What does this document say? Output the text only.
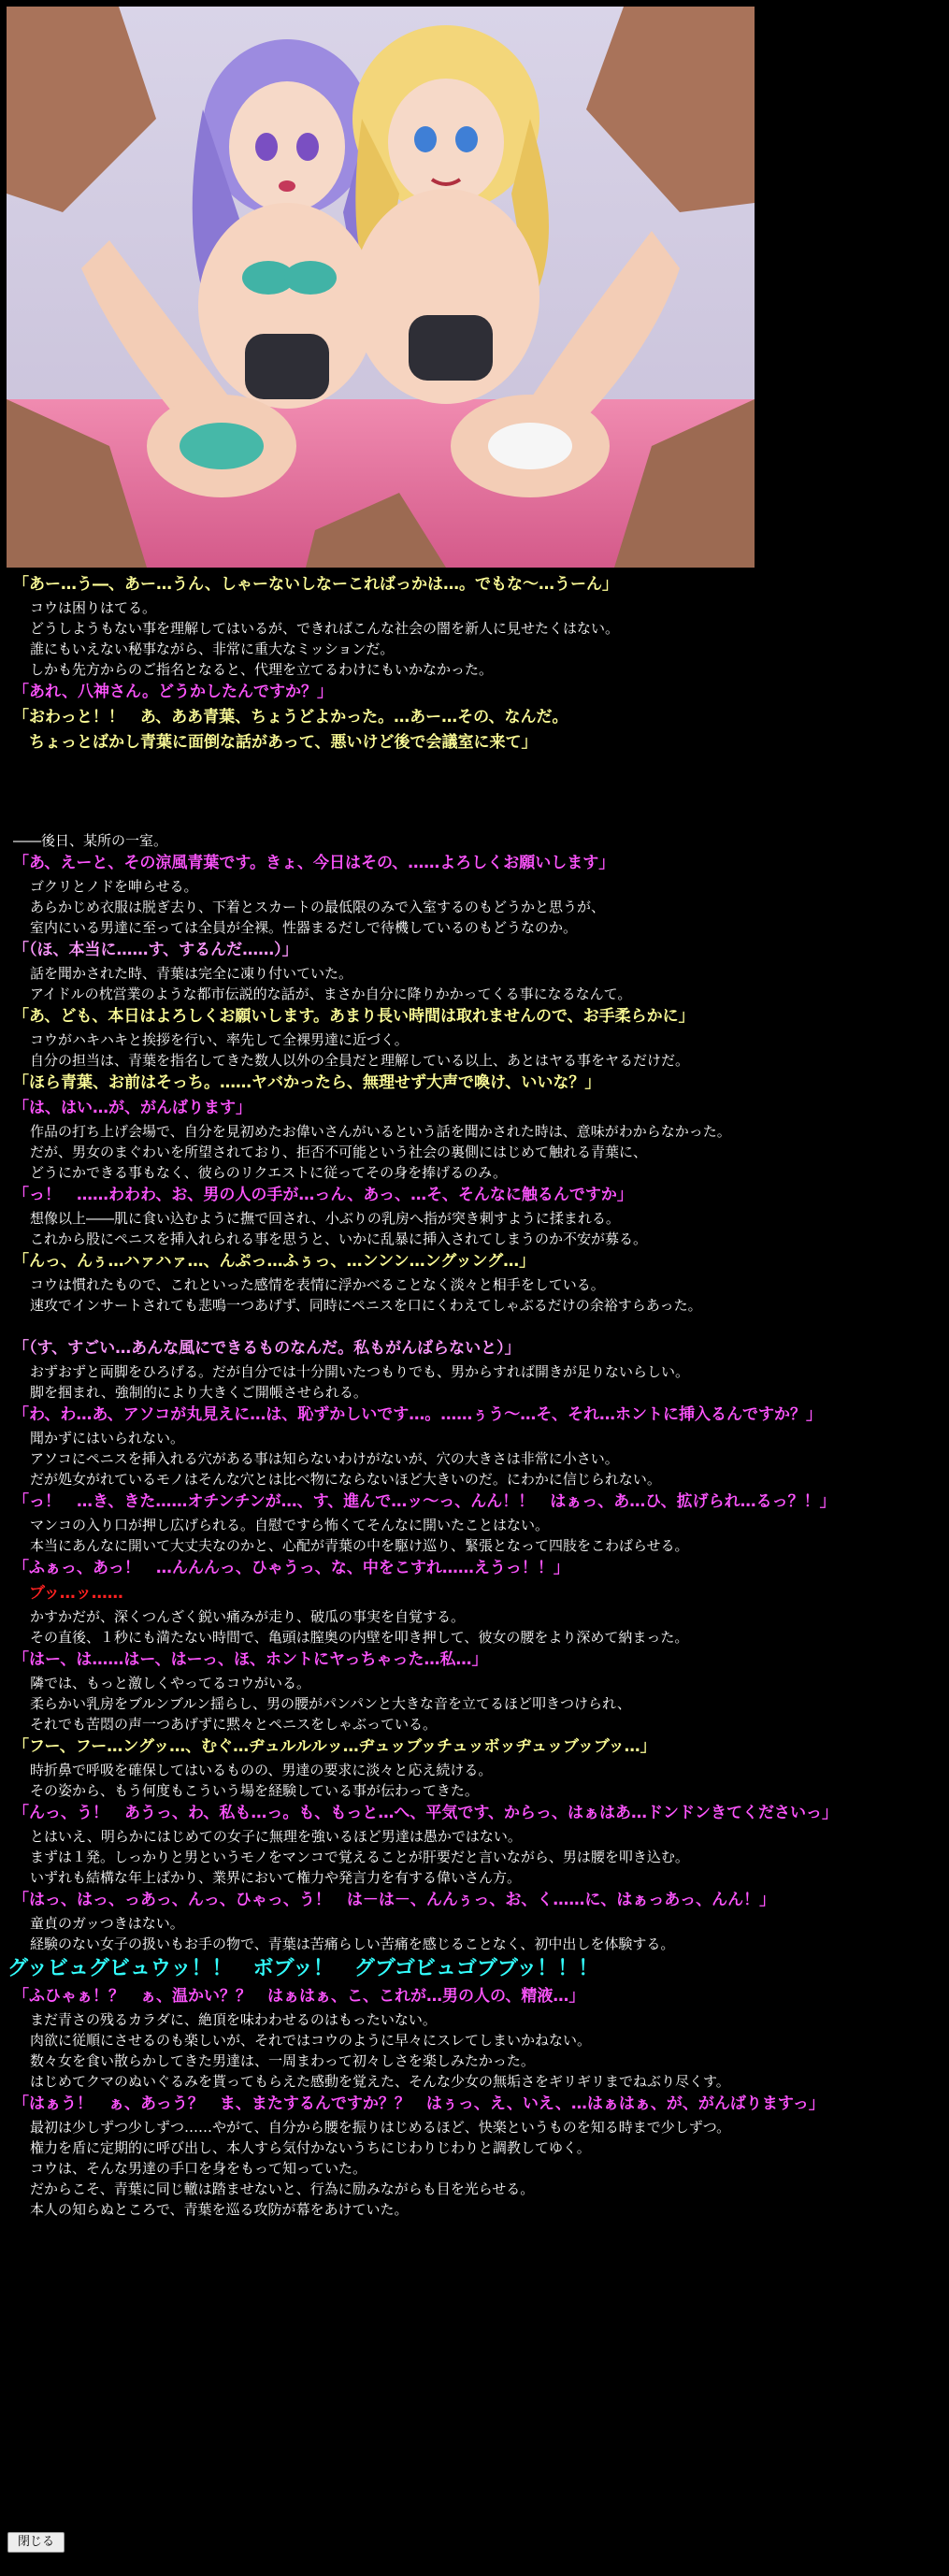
「あー…う―、あー…うん、しゃーないしなーこればっかは…。でもな〜…うーん」
コウは困りはてる。
どうしようもない事を理解してはいるが、できればこんな社会の闇を新人に見せたくはない。
誰にもいえない秘事ながら、非常に重大なミッションだ。
しかも先方からのご指名となると、代理を立てるわけにもいかなかった。
「あれ、八神さん。どうかしたんですか？」
「おわっと！！　あ、ああ青葉、ちょうどよかった。…あー…その、なんだ。
　ちょっとばかし青葉に面倒な話があって、悪いけど後で会議室に来て」
――後日、某所の一室。
「あ、えーと、その涼風青葉です。きょ、今日はその、……よろしくお願いします」
ゴクリとノドを呻らせる。
あらかじめ衣服は脱ぎ去り、下着とスカートの最低限のみで入室するのもどうかと思うが、
室内にいる男達に至っては全員が全裸。性器まるだしで待機しているのもどうなのか。
「（ほ、本当に……す、するんだ……）」
話を聞かされた時、青葉は完全に凍り付いていた。
アイドルの枕営業のような都市伝説的な話が、まさか自分に降りかかってくる事になるなんて。
「あ、ども、本日はよろしくお願いします。あまり長い時間は取れませんので、お手柔らかに」
コウがハキハキと挨拶を行い、率先して全裸男達に近づく。
自分の担当は、青葉を指名してきた数人以外の全員だと理解している以上、あとはヤる事をヤるだけだ。
「ほら青葉、お前はそっち。……ヤバかったら、無理せず大声で喚け、いいな？」
「は、はい…が、がんばります」
作品の打ち上げ会場で、自分を見初めたお偉いさんがいるという話を聞かされた時は、意味がわからなかった。
だが、男女のまぐわいを所望されており、拒否不可能という社会の裏側にはじめて触れる青葉に、
どうにかできる事もなく、彼らのリクエストに従ってその身を捧げるのみ。
「っ！　……わわわ、お、男の人の手が…っん、あっ、…そ、そんなに触るんですか」
想像以上――肌に食い込むように撫で回され、小ぶりの乳房へ指が突き刺すように揉まれる。
これから股にペニスを挿入れられる事を思うと、いかに乱暴に挿入されてしまうのか不安が募る。
「んっ、んぅ…ハァハァ…、んぷっ…ふぅっ、…ンンン…ングッング…」
コウは慣れたもので、これといった感情を表情に浮かべることなく淡々と相手をしている。
速攻でインサートされても悲鳴一つあげず、同時にペニスを口にくわえてしゃぶるだけの余裕すらあった。
「（す、すごい…あんな風にできるものなんだ。私もがんばらないと）」
おずおずと両脚をひろげる。だが自分では十分開いたつもりでも、男からすれば開きが足りないらしい。
脚を掴まれ、強制的により大きくご開帳させられる。
「わ、わ…あ、アソコが丸見えに…は、恥ずかしいです…。……ぅう〜…そ、それ…ホントに挿入るんですか？」
聞かずにはいられない。
アソコにペニスを挿入れる穴がある事は知らないわけがないが、穴の大きさは非常に小さい。
だが処女がれているモノはそんな穴とは比べ物にならないほど大きいのだ。にわかに信じられない。
「っ！　…き、きた……オチンチンが…、す、進んで…ッ〜っ、んん！！　はぁっ、あ…ひ、拡げられ…るっ？！」
マンコの入り口が押し広げられる。自慰ですら怖くてそんなに開いたことはない。
本当にあんなに開いて大丈夫なのかと、心配が青葉の中を駆け巡り、緊張となって四肢をこわばらせる。
「ふぁっ、あっ！　…んんんっ、ひゃうっ、な、中をこすれ……えうっ！！」
　ブッ…ッ……
かすかだが、深くつんざく鋭い痛みが走り、破瓜の事実を自覚する。
その直後、１秒にも満たない時間で、亀頭は膣奥の内壁を叩き押して、彼女の腰をより深めて納まった。
「はー、は……はー、はーっ、ほ、ホントにヤっちゃった…私…」
隣では、もっと激しくやってるコウがいる。
柔らかい乳房をブルンブルン揺らし、男の腰がパンパンと大きな音を立てるほど叩きつけられ、
それでも苦悶の声一つあげずに黙々とペニスをしゃぶっている。
「フー、フー…ングッ…、むぐ…ヂュルルルッ…ヂュッブッチュッボッヂュッブッブッ…」
時折鼻で呼吸を確保してはいるものの、男達の要求に淡々と応え続ける。
その姿から、もう何度もこういう場を経験している事が伝わってきた。
「んっ、う！　あうっ、わ、私も…っ。も、もっと…へ、平気です、からっ、はぁはあ…ドンドンきてくださいっ」
とはいえ、明らかにはじめての女子に無理を強いるほど男達は愚かではない。
まずは１発。しっかりと男というモノをマンコで覚えることが肝要だと言いながら、男は腰を叩き込む。
いずれも結構な年上ばかり、業界において権力や発言力を有する偉いさん方。
「はっ、はっ、っあっ、んっ、ひゃっ、う！　は－は－、んんぅっ、お、く……に、はぁっあっ、んん！」
童貞のガッつきはない。
経験のない女子の扱いもお手の物で、青葉は苦痛らしい苦痛を感じることなく、初中出しを体験する。
グッビュグビュウッ！！　ボブッ！　グブゴビュゴブブッ！！！
「ふひゃぁ！？　ぁ、温かい？？　はぁはぁ、こ、これが…男の人の、精液…」
まだ青さの残るカラダに、絶頂を味わわせるのはもったいない。
肉欲に従順にさせるのも楽しいが、それではコウのように早々にスレてしまいかねない。
数々女を食い散らかしてきた男達は、一周まわって初々しさを楽しみたかった。
はじめてクマのぬいぐるみを貰ってもらえた感動を覚えた、そんな少女の無垢さをギリギリまでねぶり尽くす。
「はぁう！　ぁ、あっう？　ま、またするんですか？？　はぅっ、え、いえ、…はぁはぁ、が、がんばりますっ」
最初は少しずつ少しずつ……やがて、自分から腰を振りはじめるほど、快楽というものを知る時まで少しずつ。
権力を盾に定期的に呼び出し、本人すら気付かないうちにじわりじわりと調教してゆく。
コウは、そんな男達の手口を身をもって知っていた。
だからこそ、青葉に同じ轍は踏ませないと、行為に励みながらも目を光らせる。
本人の知らぬところで、青葉を巡る攻防が幕をあけていた。
閉じる
